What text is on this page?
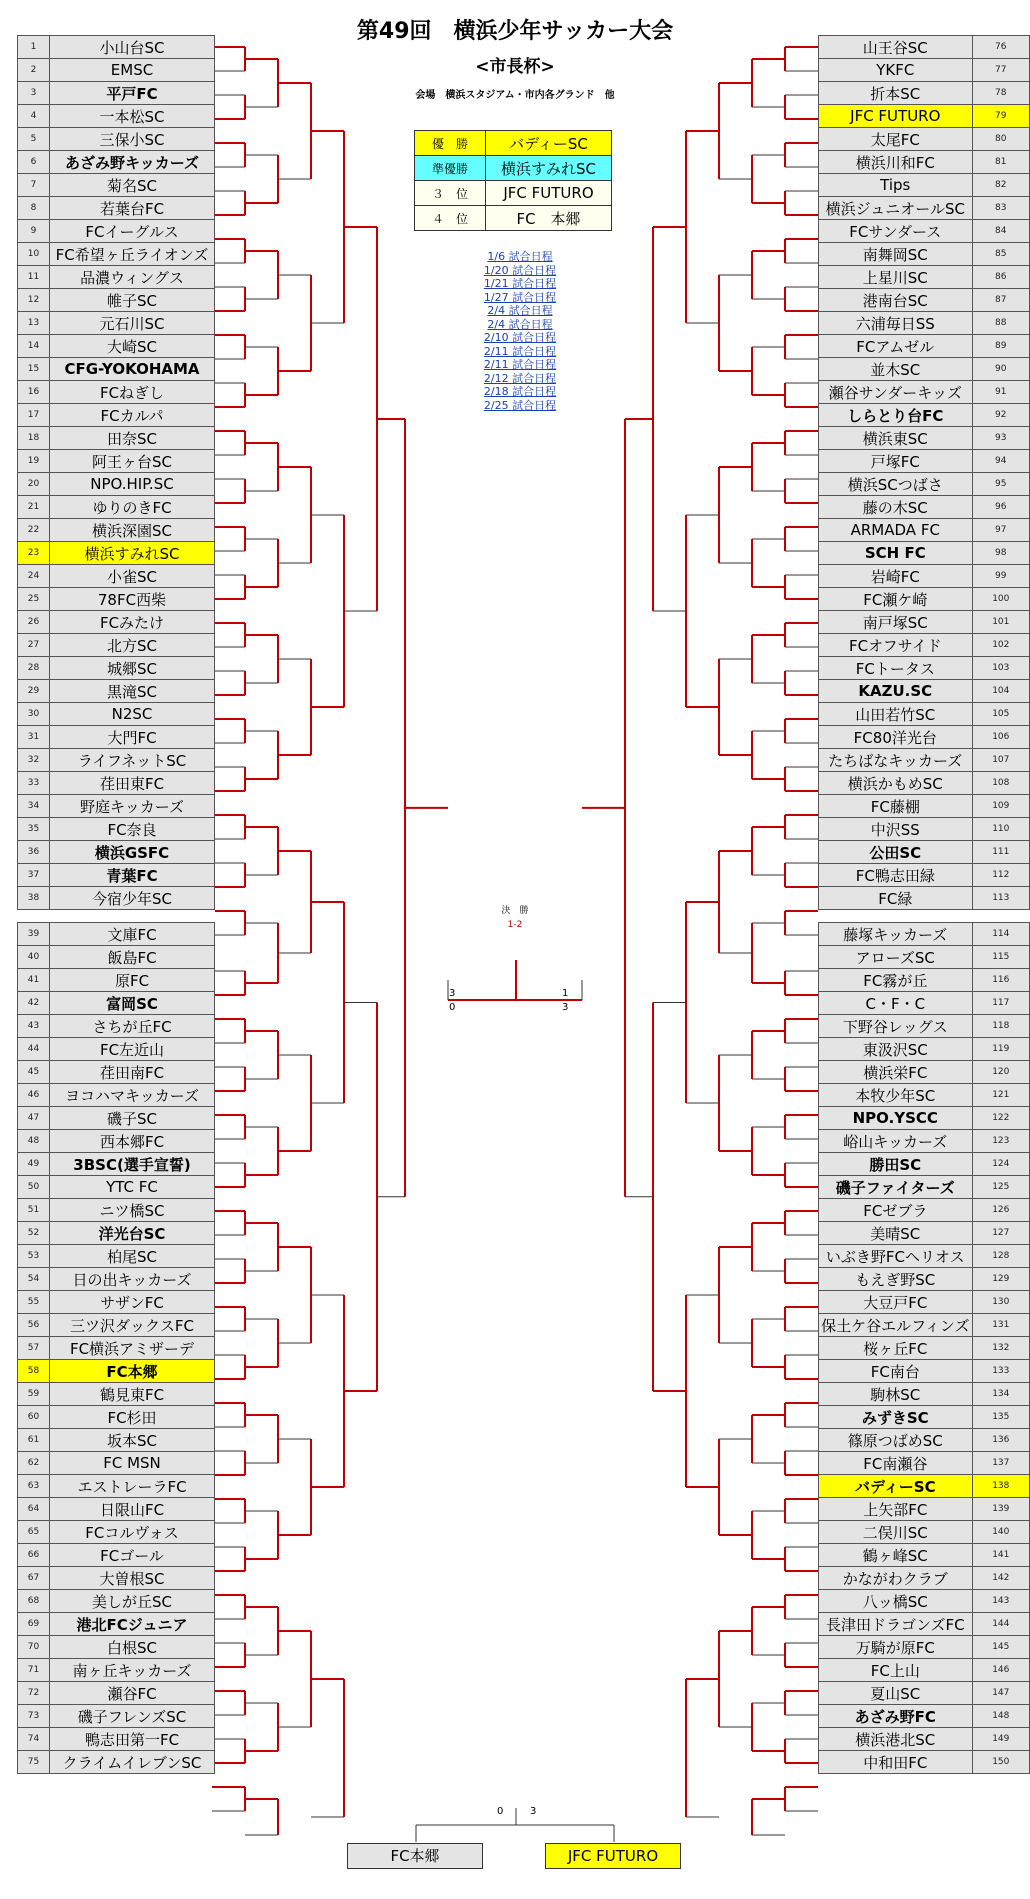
第49回　横浜少年サッカー大会
<市長杯>
会場　横浜スタジアム・市内各グランド　他
優　勝	バディーSC
準優勝	横浜すみれSC
３　位	JFC FUTURO
４　位	FC　本郷
1/6 試合日程
1/20 試合日程
1/21 試合日程
1/27 試合日程
2/4 試合日程
2/4 試合日程
2/10 試合日程
2/11 試合日程
2/11 試合日程
2/12 試合日程
2/18 試合日程
2/25 試合日程
1	小山台SC
2	EMSC
3	平戸FC
4	一本松SC
5	三保小SC
6	あざみ野キッカーズ
7	菊名SC
8	若葉台FC
9	FCイーグルス
10	FC希望ヶ丘ライオンズ
11	品濃ウィングス
12	帷子SC
13	元石川SC
14	大崎SC
15	CFG-YOKOHAMA
16	FCねぎし
17	FCカルパ
18	田奈SC
19	阿王ヶ台SC
20	NPO.HIP.SC
21	ゆりのきFC
22	横浜深園SC
23	横浜すみれSC
24	小雀SC
25	78FC西柴
26	FCみたけ
27	北方SC
28	城郷SC
29	黒滝SC
30	N2SC
31	大門FC
32	ライフネットSC
33	荏田東FC
34	野庭キッカーズ
35	FC奈良
36	横浜GSFC
37	青葉FC
38	今宿少年SC

39	文庫FC
40	飯島FC
41	原FC
42	富岡SC
43	さちが丘FC
44	FC左近山
45	荏田南FC
46	ヨコハマキッカーズ
47	磯子SC
48	西本郷FC
49	3BSC(選手宣誓)
50	YTC FC
51	ニツ橋SC
52	洋光台SC
53	柏尾SC
54	日の出キッカーズ
55	サザンFC
56	三ツ沢ダックスFC
57	FC横浜アミザーデ
58	FC本郷
59	鶴見東FC
60	FC杉田
61	坂本SC
62	FC MSN
63	エストレーラFC
64	日限山FC
65	FCコルヴォス
66	FCゴール
67	大曽根SC
68	美しが丘SC
69	港北FCジュニア
70	白根SC
71	南ヶ丘キッカーズ
72	瀬谷FC
73	磯子フレンズSC
74	鴨志田第一FC
75	クライムイレブンSC
山王谷SC	76
YKFC	77
折本SC	78
JFC FUTURO	79
太尾FC	80
横浜川和FC	81
Tips	82
横浜ジュニオールSC	83
FCサンダース	84
南舞岡SC	85
上星川SC	86
港南台SC	87
六浦毎日SS	88
FCアムゼル	89
並木SC	90
瀬谷サンダーキッズ	91
しらとり台FC	92
横浜東SC	93
戸塚FC	94
横浜SCつばさ	95
藤の木SC	96
ARMADA FC	97
SCH FC	98
岩崎FC	99
FC瀬ケ崎	100
南戸塚SC	101
FCオフサイド	102
FCトータス	103
KAZU.SC	104
山田若竹SC	105
FC80洋光台	106
たちばなキッカーズ	107
横浜かもめSC	108
FC藤棚	109
中沢SS	110
公田SC	111
FC鴨志田緑	112
FC緑	113

藤塚キッカーズ	114
アローズSC	115
FC霧が丘	116
C・F・C	117
下野谷レッグス	118
東汲沢SC	119
横浜栄FC	120
本牧少年SC	121
NPO.YSCC	122
峪山キッカーズ	123
勝田SC	124
磯子ファイターズ	125
FCゼブラ	126
美晴SC	127
いぶき野FCヘリオス	128
もえぎ野SC	129
大豆戸FC	130
保土ケ谷エルフィンズ	131
桜ヶ丘FC	132
FC南台	133
駒林SC	134
みずきSC	135
篠原つばめSC	136
FC南瀬谷	137
バディーSC	138
上矢部FC	139
二俣川SC	140
鶴ヶ峰SC	141
かながわクラブ	142
八ッ橋SC	143
長津田ドラゴンズFC	144
万騎が原FC	145
FC上山	146
夏山SC	147
あざみ野FC	148
横浜港北SC	149
中和田FC	150
決　勝
1-2
0	3
FC本郷	JFC FUTURO
3
0
1
3
